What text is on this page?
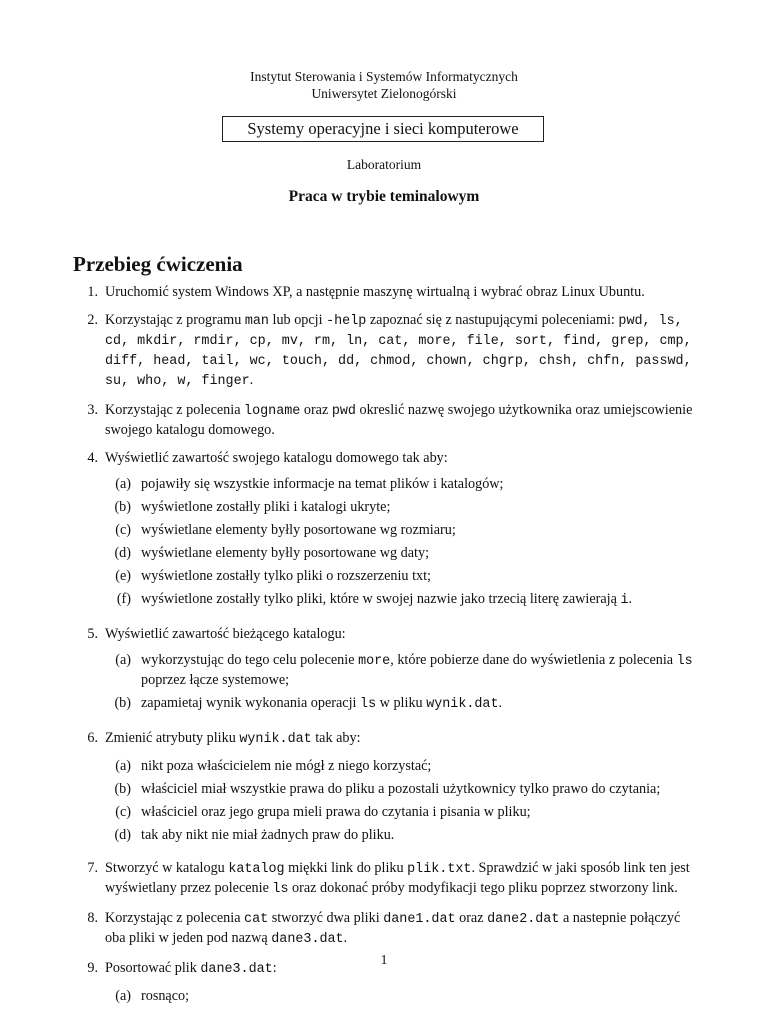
Instytut Sterowania i Systemów Informatycznych
Uniwersytet Zielonogórski
Systemy operacyjne i sieci komputerowe
Laboratorium
Praca w trybie teminalowym
Przebieg ćwiczenia
1. Uruchomić system Windows XP, a następnie maszynę wirtualną i wybrać obraz Linux Ubuntu.

2. Korzystając z programu man lub opcji -help zapoznać się z nastupującymi poleceniami: pwd, ls, cd, mkdir, rmdir, cp, mv, rm, ln, cat, more, file, sort, find, grep, cmp, diff, head, tail, wc, touch, dd, chmod, chown, chgrp, chsh, chfn, passwd, su, who, w, finger.

3. Korzystając z polecenia logname oraz pwd okreslić nazwę swojego użytkownika oraz umiejscowienie swojego katalogu domowego.

4. Wyświetlić zawartość swojego katalogu domowego tak aby:

(a) pojawiły się wszystkie informacje na temat plików i katalogów;
(b) wyświetlone zostałly pliki i katalogi ukryte;
(c) wyświetlane elementy byłly posortowane wg rozmiaru;
(d) wyświetlane elementy byłly posortowane wg daty;
(e) wyświetlone zostałly tylko pliki o rozszerzeniu txt;
(f) wyświetlone zostałly tylko pliki, które w swojej nazwie jako trzecią literę zawierają i.
5. Wyświetlić zawartość bieżącego katalogu:

(a) wykorzystując do tego celu polecenie more, które pobierze dane do wyświetlenia z polecenia ls poprzez łącze systemowe;
(b) zapamietaj wynik wykonania operacji ls w pliku wynik.dat.
6. Zmienić atrybuty pliku wynik.dat tak aby:

(a) nikt poza właścicielem nie mógł z niego korzystać;
(b) właściciel miał wszystkie prawa do pliku a pozostali użytkownicy tylko prawo do czytania;
(c) właściciel oraz jego grupa mieli prawa do czytania i pisania w pliku;
(d) tak aby nikt nie miał żadnych praw do pliku.
7. Stworzyć w katalogu katalog miękki link do pliku plik.txt. Sprawdzić w jaki sposób link ten jest wyświetlany przez polecenie ls oraz dokonać próby modyfikacji tego pliku poprzez stworzony link.

8. Korzystając z polecenia cat stworzyć dwa pliki dane1.dat oraz dane2.dat a nastepnie połączyć oba pliki w jeden pod nazwą dane3.dat.

9. Posortować plik dane3.dat:

(a) rosnąco;
1
